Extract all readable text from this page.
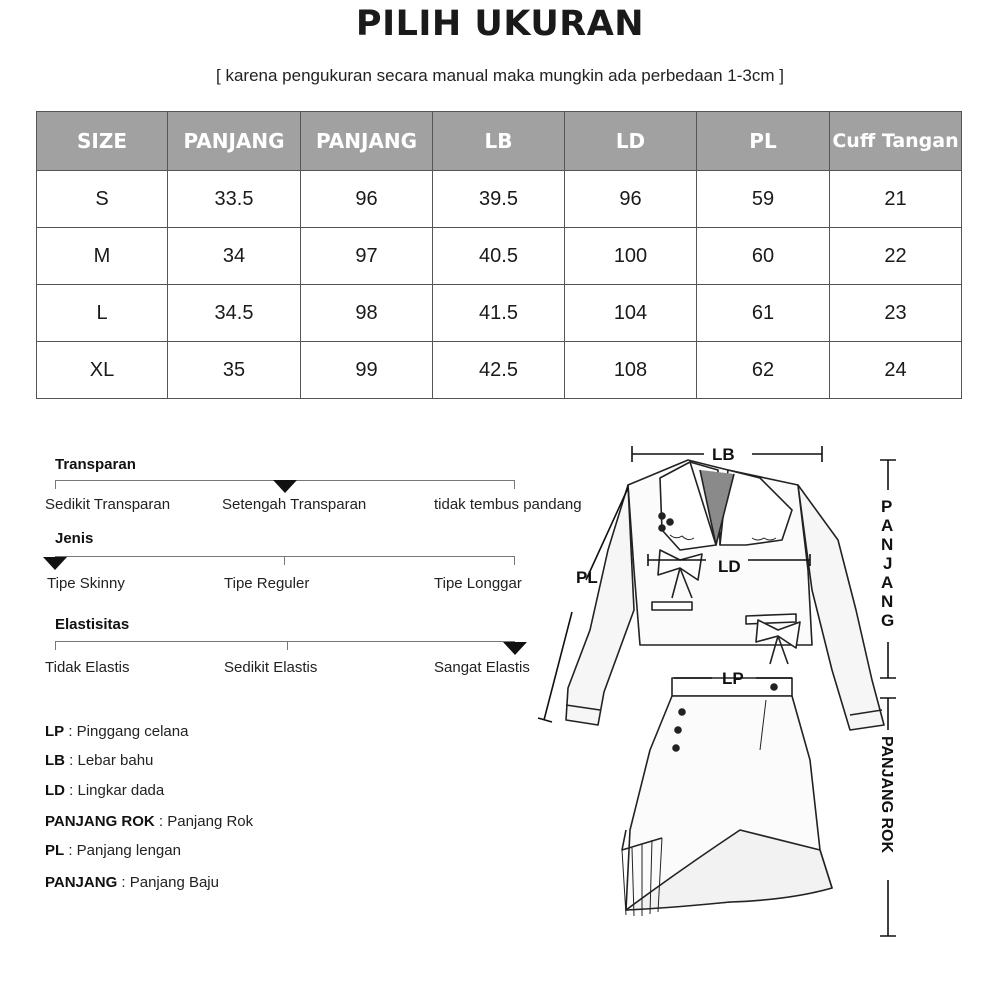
PILIH UKURAN
[ karena pengukuran secara manual maka mungkin ada perbedaan 1-3cm ]
SIZE	PANJANG	PANJANG	LB	LD	PL	Cuff Tangan
S	33.5	96	39.5	96	59	21
M	34	97	40.5	100	60	22
L	34.5	98	41.5	104	61	23
XL	35	99	42.5	108	62	24
Transparan
Sedikit Transparan	Setengah Transparan	tidak tembus pandang
Jenis
Tipe Skinny	Tipe Reguler	Tipe Longgar
Elastisitas
Tidak Elastis	Sedikit Elastis	Sangat Elastis
LP : Pinggang celana
LB : Lebar bahu
LD : Lingkar dada
PANJANG ROK : Panjang Rok
PL : Panjang lengan
PANJANG : Panjang Baju
LB
PL
LD
LP
P
A
N
J
A
N
G
PANJANG ROK
